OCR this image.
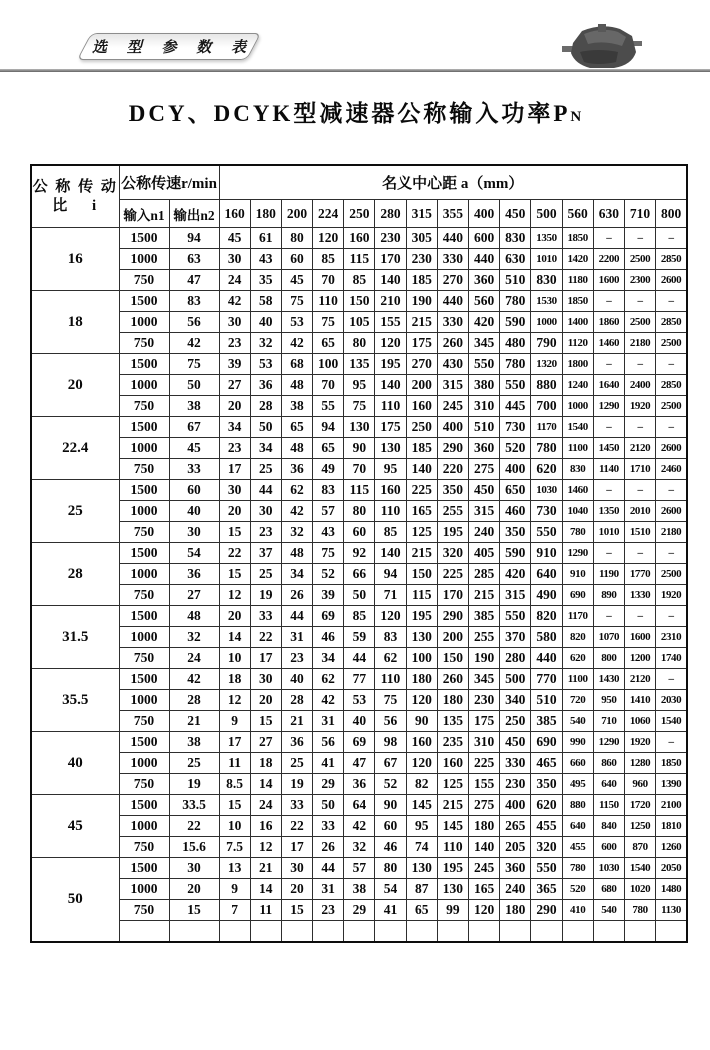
选 型 参 数 表
DCY、DCYK型减速器公称输入功率PN
公 称 传 动
比　 i	公称传速r/min		名义中心距 a（mm）														
	输入n1	输出n2	160	180	200	224	250	280	315	355	400	450	500	560	630	710	800
16	1500	94	45	61	80	120	160	230	305	440	600	830	1350	1850	–	–	–
	1000	63	30	43	60	85	115	170	230	330	440	630	1010	1420	2200	2500	2850
	750	47	24	35	45	70	85	140	185	270	360	510	830	1180	1600	2300	2600
18	1500	83	42	58	75	110	150	210	190	440	560	780	1530	1850	–	–	–
	1000	56	30	40	53	75	105	155	215	330	420	590	1000	1400	1860	2500	2850
	750	42	23	32	42	65	80	120	175	260	345	480	790	1120	1460	2180	2500
20	1500	75	39	53	68	100	135	195	270	430	550	780	1320	1800	–	–	–
	1000	50	27	36	48	70	95	140	200	315	380	550	880	1240	1640	2400	2850
	750	38	20	28	38	55	75	110	160	245	310	445	700	1000	1290	1920	2500
22.4	1500	67	34	50	65	94	130	175	250	400	510	730	1170	1540	–	–	–
	1000	45	23	34	48	65	90	130	185	290	360	520	780	1100	1450	2120	2600
	750	33	17	25	36	49	70	95	140	220	275	400	620	830	1140	1710	2460
25	1500	60	30	44	62	83	115	160	225	350	450	650	1030	1460	–	–	–
	1000	40	20	30	42	57	80	110	165	255	315	460	730	1040	1350	2010	2600
	750	30	15	23	32	43	60	85	125	195	240	350	550	780	1010	1510	2180
28	1500	54	22	37	48	75	92	140	215	320	405	590	910	1290	–	–	–
	1000	36	15	25	34	52	66	94	150	225	285	420	640	910	1190	1770	2500
	750	27	12	19	26	39	50	71	115	170	215	315	490	690	890	1330	1920
31.5	1500	48	20	33	44	69	85	120	195	290	385	550	820	1170	–	–	–
	1000	32	14	22	31	46	59	83	130	200	255	370	580	820	1070	1600	2310
	750	24	10	17	23	34	44	62	100	150	190	280	440	620	800	1200	1740
35.5	1500	42	18	30	40	62	77	110	180	260	345	500	770	1100	1430	2120	–
	1000	28	12	20	28	42	53	75	120	180	230	340	510	720	950	1410	2030
	750	21	9	15	21	31	40	56	90	135	175	250	385	540	710	1060	1540
40	1500	38	17	27	36	56	69	98	160	235	310	450	690	990	1290	1920	–
	1000	25	11	18	25	41	47	67	120	160	225	330	465	660	860	1280	1850
	750	19	8.5	14	19	29	36	52	82	125	155	230	350	495	640	960	1390
45	1500	33.5	15	24	33	50	64	90	145	215	275	400	620	880	1150	1720	2100
	1000	22	10	16	22	33	42	60	95	145	180	265	455	640	840	1250	1810
	750	15.6	7.5	12	17	26	32	46	74	110	140	205	320	455	600	870	1260
50	1500	30	13	21	30	44	57	80	130	195	245	360	550	780	1030	1540	2050
	1000	20	9	14	20	31	38	54	87	130	165	240	365	520	680	1020	1480
	750	15	7	11	15	23	29	41	65	99	120	180	290	410	540	780	1130
